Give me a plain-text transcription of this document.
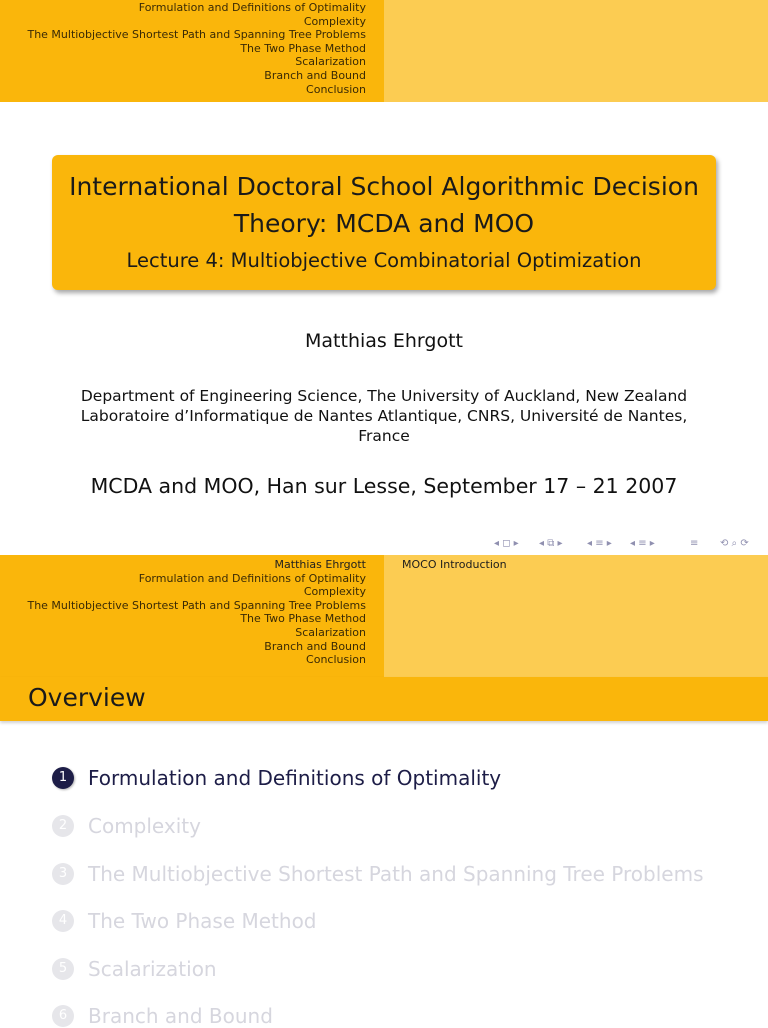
Formulation and Definitions of Optimality
Complexity
The Multiobjective Shortest Path and Spanning Tree Problems
The Two Phase Method
Scalarization
Branch and Bound
Conclusion
International Doctoral School Algorithmic Decision
Theory: MCDA and MOO
Lecture 4: Multiobjective Combinatorial Optimization
Matthias Ehrgott
Department of Engineering Science, The University of Auckland, New Zealand
Laboratoire d’Informatique de Nantes Atlantique, CNRS, Université de Nantes,
France
MCDA and MOO, Han sur Lesse, September 17 – 21 2007
◂ ◻ ▸ ◂ ⧉ ▸ ◂ ≡ ▸ ◂ ≡ ▸	≡ ⟲ ⌕ ⟳
Matthias Ehrgott
Formulation and Definitions of Optimality
Complexity
The Multiobjective Shortest Path and Spanning Tree Problems
The Two Phase Method
Scalarization
Branch and Bound
Conclusion
MOCO Introduction
Overview
1	Formulation and Definitions of Optimality
2	Complexity
3	The Multiobjective Shortest Path and Spanning Tree Problems
4	The Two Phase Method
5	Scalarization
6	Branch and Bound
